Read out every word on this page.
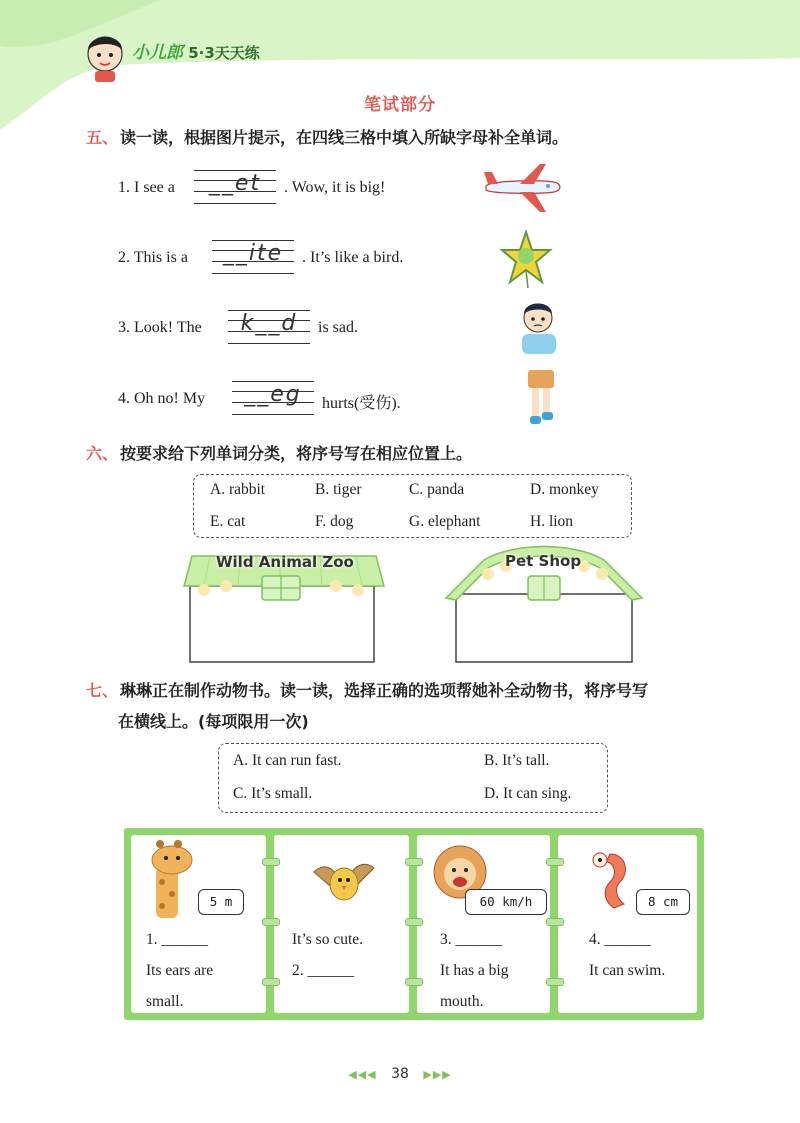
小儿郎 5·3天天练
笔试部分
五、 读一读，根据图片提示，在四线三格中填入所缺字母补全单词。
1. I see a	__et	. Wow, it is big!
2. This is a	__ite	. It’s like a bird.
3. Look! The	k__d	is sad.
4. Oh no! My	__eg	hurts(受伤).
六、 按要求给下列单词分类，将序号写在相应位置上。
A. rabbit	B. tiger	C. panda	D. monkey
E. cat	F. dog	G. elephant	H. lion
Wild Animal Zoo	Pet Shop
七、 琳琳正在制作动物书。读一读，选择正确的选项帮她补全动物书，将序号写
在横线上。(每项限用一次)
A. It can run fast.	B. It’s tall.
C. It’s small.	D. It can sing.
5 m
1. ______
Its ears are
small.
It’s so cute.
2. ______
60 km/h
3. ______
It has a big
mouth.
8 cm
4. ______
It can swim.
◀◀◀ 38 ▶▶▶
